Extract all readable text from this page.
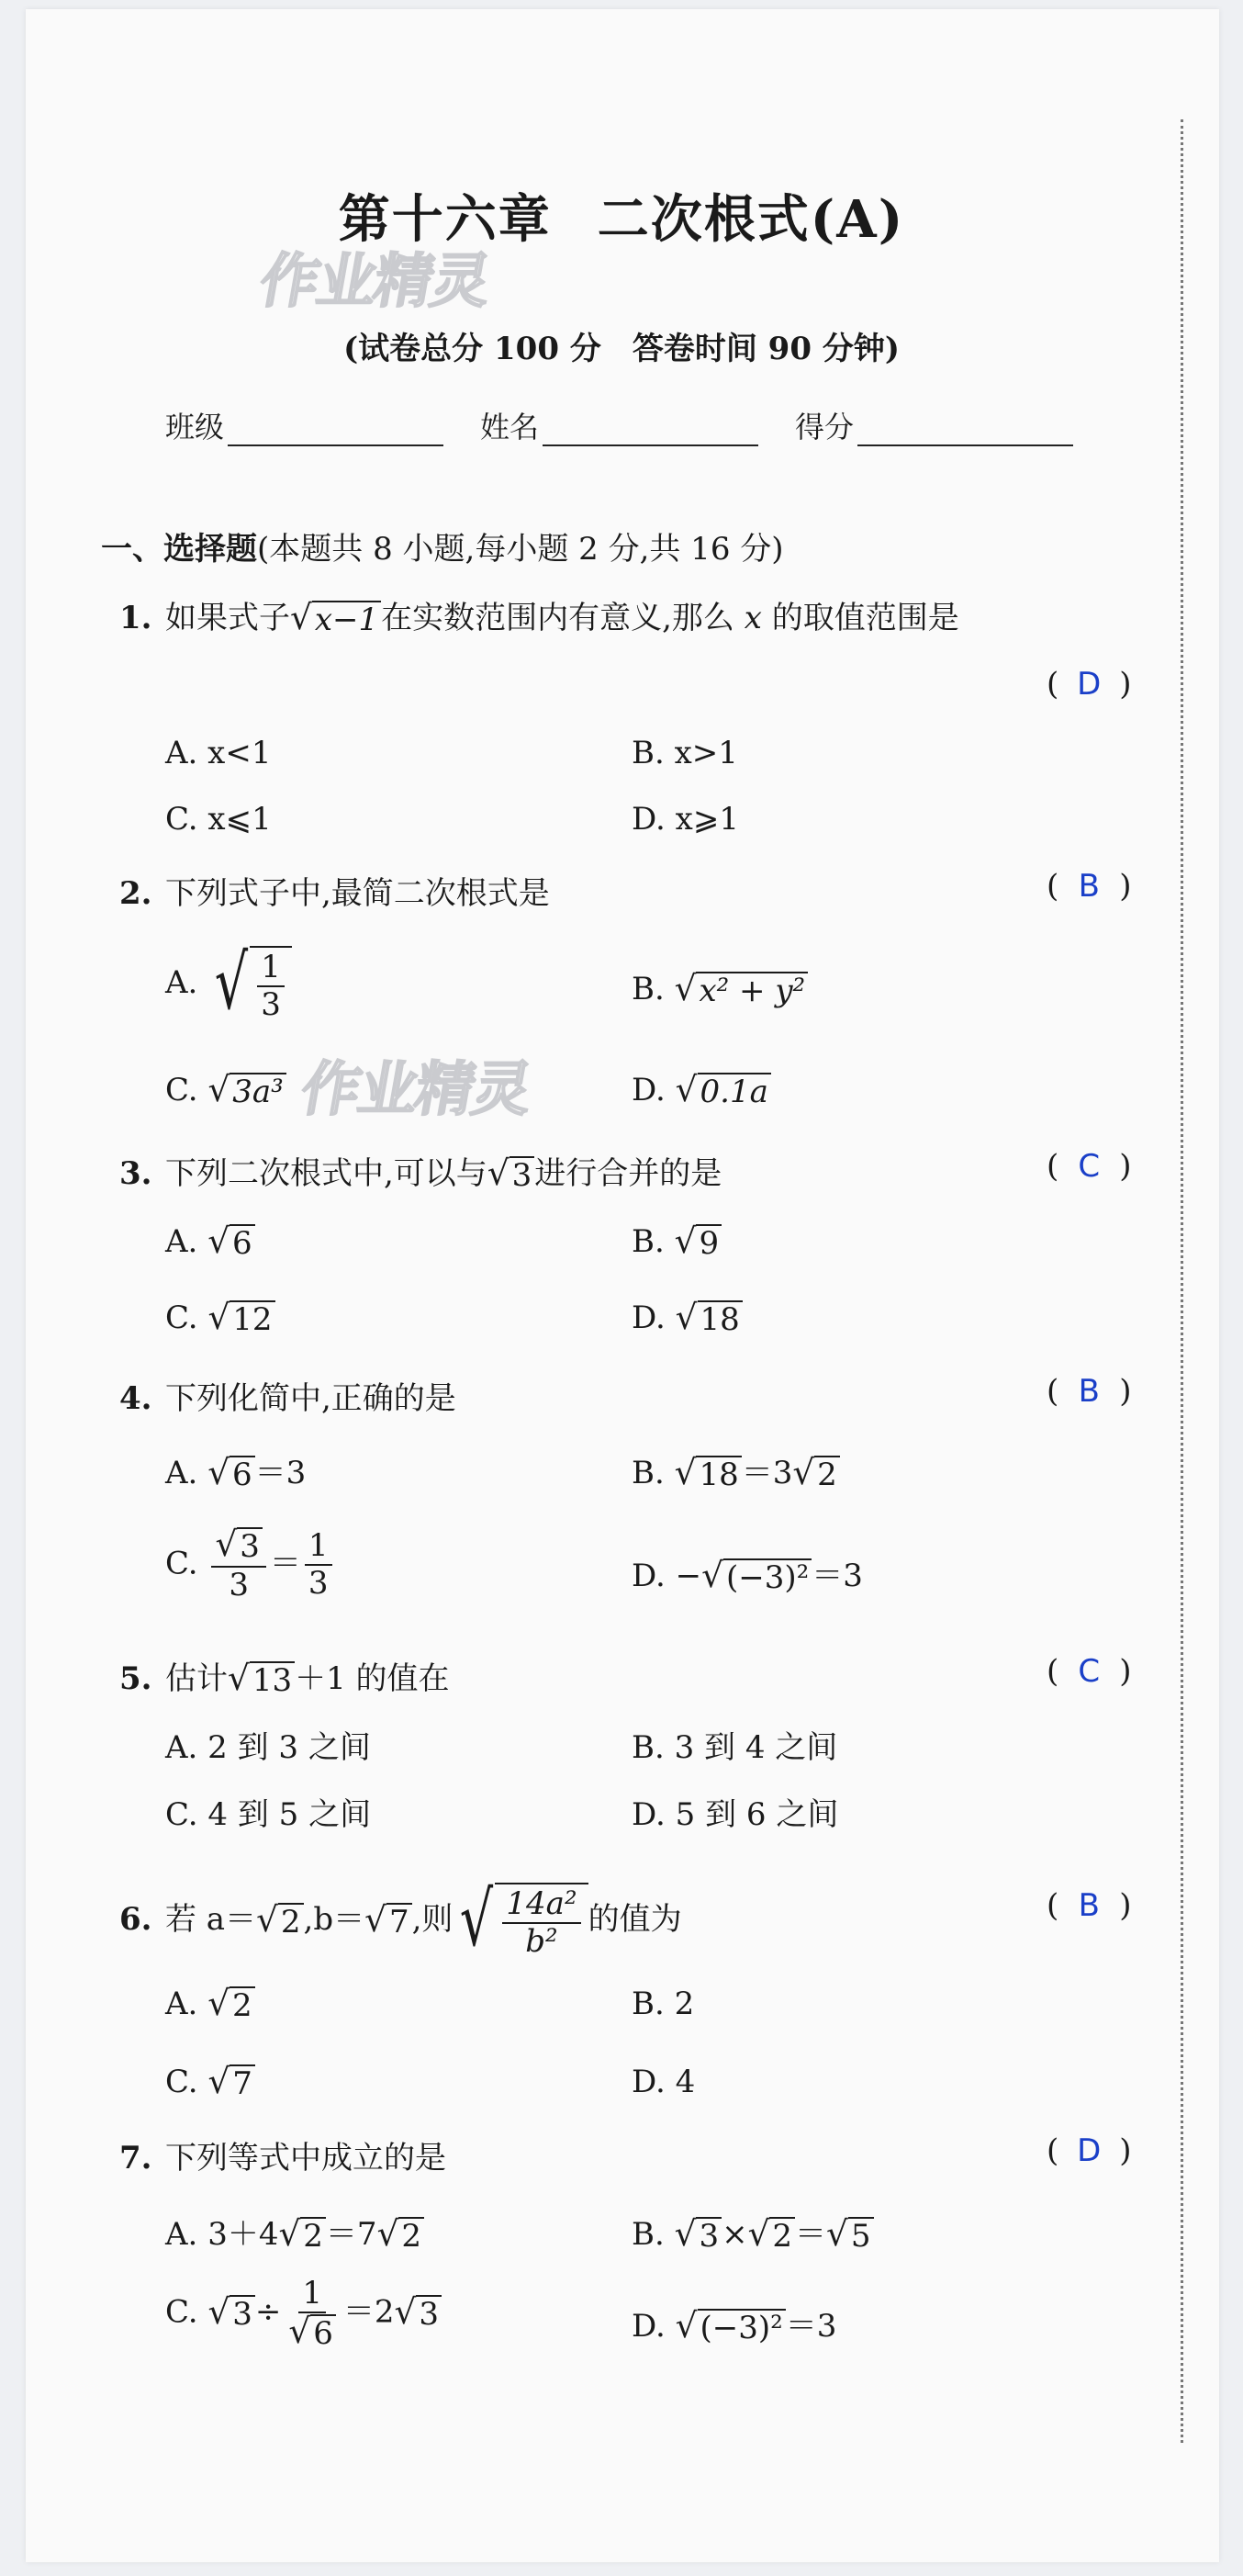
作业精灵
作业精灵
第十六章 二次根式(A)
(试卷总分 100 分　答卷时间 90 分钟)
班级	姓名	得分
一、选择题(本题共 8 小题,每小题 2 分,共 16 分)
1. 如果式子 √ x−1 在实数范围内有意义,那么 x 的取值范围是
( D )
A. x<1	B. x>1
C. x⩽1	D. x⩾1
2. 下列式子中,最简二次根式是	( B )
A. √ $\frac{1}{3}$	B. √ x² + y²
C. √ 3a³	D. √ 0.1a
3. 下列二次根式中,可以与 √ 3 进行合并的是	( C )
A. √ 6	B. √ 9
C. √ 12	D. √ 18
4. 下列化简中,正确的是	( B )
A. √ 6 ＝3	B. √ 18 ＝3 √ 2
C. $\frac{√ 3}{3} = \frac{1}{3}$	D. − √ (−3)² ＝3
5. 估计 √ 13 ＋1 的值在	( C )
A. 2 到 3 之间	B. 3 到 4 之间
C. 4 到 5 之间	D. 5 到 6 之间
6. 若 a＝ √ 2 ,b＝ √ 7 ,则 √ $\frac{\text{14a²}}{\text{b²}}$ 的值为	( B )
A. √ 2	B. 2
C. √ 7	D. 4
7. 下列等式中成立的是	( D )
A. 3＋4 √ 2 ＝7 √ 2	B. √ 3 × √ 2 ＝ √ 5
C. √ $3 \div \frac{1}{√ 6} =2$ √ 3	D. √ (−3)² ＝3
